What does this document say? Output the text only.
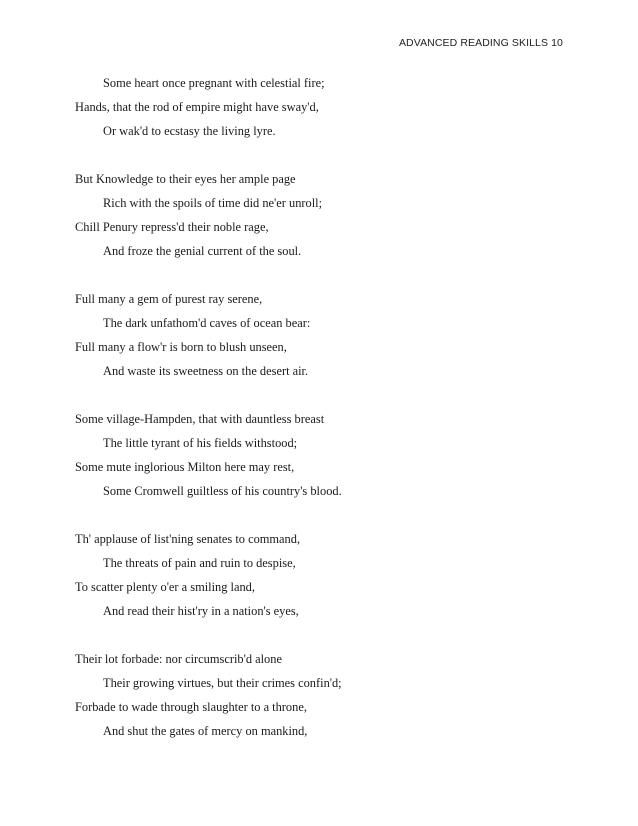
ADVANCED READING SKILLS 10
Some heart once pregnant with celestial fire;
Hands, that the rod of empire might have sway'd,
Or wak'd to ecstasy the living lyre.
But Knowledge to their eyes her ample page
Rich with the spoils of time did ne'er unroll;
Chill Penury repress'd their noble rage,
And froze the genial current of the soul.
Full many a gem of purest ray serene,
The dark unfathom'd caves of ocean bear:
Full many a flow'r is born to blush unseen,
And waste its sweetness on the desert air.
Some village-Hampden, that with dauntless breast
The little tyrant of his fields withstood;
Some mute inglorious Milton here may rest,
Some Cromwell guiltless of his country's blood.
Th' applause of list'ning senates to command,
The threats of pain and ruin to despise,
To scatter plenty o'er a smiling land,
And read their hist'ry in a nation's eyes,
Their lot forbade: nor circumscrib'd alone
Their growing virtues, but their crimes confin'd;
Forbade to wade through slaughter to a throne,
And shut the gates of mercy on mankind,
